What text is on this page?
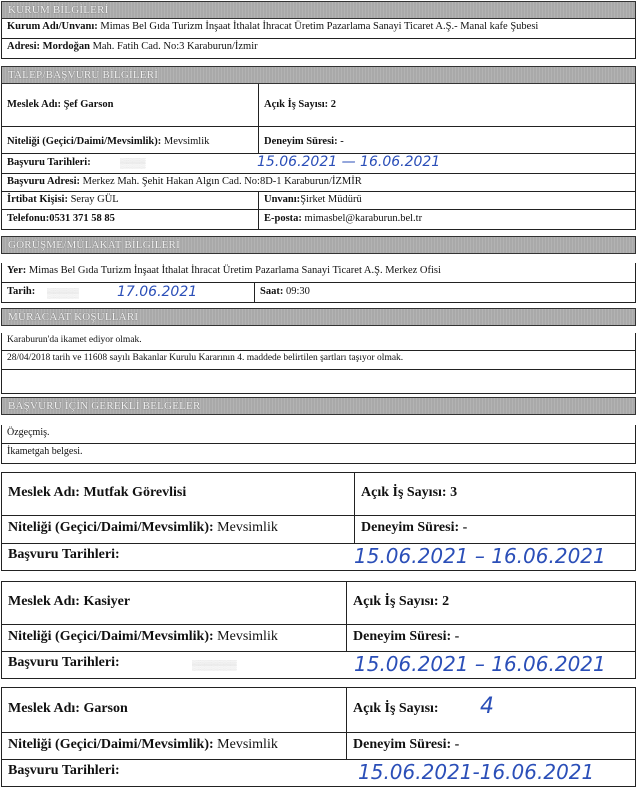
KURUM BİLGİLERİ
Kurum Adı/Unvanı: Mimas Bel Gıda Turizm İnşaat İthalat İhracat Üretim Pazarlama Sanayi Ticaret A.Ş.- Manal kafe Şubesi
Adresi: Mordoğan Mah. Fatih Cad. No:3 Karaburun/İzmir
TALEP/BAŞVURU BİLGİLERİ
Meslek Adı: Şef Garson	Açık İş Sayısı: 2
Niteliği (Geçici/Daimi/Mevsimlik): Mevsimlik	Deneyim Süresi: -
Başvuru Tarihleri:	▒▒▒▒	15.06.2021 — 16.06.2021
Başvuru Adresi: Merkez Mah. Şehit Hakan Algın Cad. No:8D-1 Karaburun/İZMİR
İrtibat Kişisi: Seray GÜL	Unvanı:Şirket Müdürü
Telefonu:0531 371 58 85	E-posta: mimasbel@karaburun.bel.tr
GÖRÜŞME/MÜLAKAT BİLGİLERİ
Yer: Mimas Bel Gıda Turizm İnşaat İthalat İhracat Üretim Pazarlama Sanayi Ticaret A.Ş. Merkez Ofisi
Tarih:	▒▒▒▒▒	17.06.2021	Saat: 09:30
MÜRACAAT KOŞULLARI
Karaburun'da ikamet ediyor olmak.
28/04/2018 tarih ve 11608 sayılı Bakanlar Kurulu Kararının 4. maddede belirtilen şartları taşıyor olmak.
BAŞVURU İÇİN GEREKLİ BELGELER
Özgeçmiş.
İkametgah belgesi.
Meslek Adı: Mutfak Görevlisi	Açık İş Sayısı: 3
Niteliği (Geçici/Daimi/Mevsimlik): Mevsimlik	Deneyim Süresi: -
Başvuru Tarihleri:	15.06.2021 – 16.06.2021
Meslek Adı: Kasiyer	Açık İş Sayısı: 2
Niteliği (Geçici/Daimi/Mevsimlik): Mevsimlik	Deneyim Süresi: -
Başvuru Tarihleri:	▒▒▒▒▒▒▒	15.06.2021 – 16.06.2021
Meslek Adı: Garson	Açık İş Sayısı:	4
Niteliği (Geçici/Daimi/Mevsimlik): Mevsimlik	Deneyim Süresi: -
Başvuru Tarihleri:	15.06.2021-16.06.2021
